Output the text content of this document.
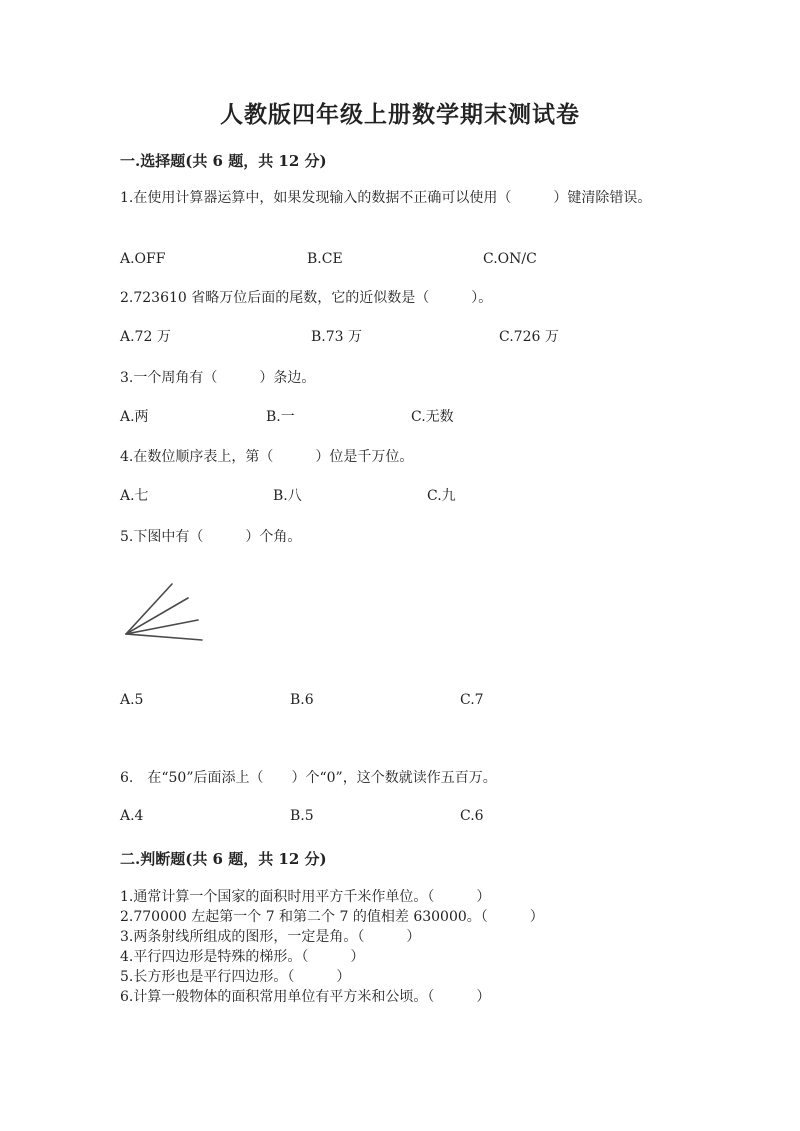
人教版四年级上册数学期末测试卷
一.选择题(共 6 题，共 12 分)
1.在使用计算器运算中，如果发现输入的数据不正确可以使用（　　　）键清除错误。
A.OFF	B.CE	C.ON/C
2.723610 省略万位后面的尾数，它的近似数是（　　　）。
A.72 万	B.73 万	C.726 万
3.一个周角有（　　　）条边。
A.两	B.一	C.无数
4.在数位顺序表上，第（　　　）位是千万位。
A.七	B.八	C.九
5.下图中有（　　　）个角。
A.5	B.6	C.7
6.　在“50”后面添上（　　）个“0”，这个数就读作五百万。
A.4	B.5	C.6
二.判断题(共 6 题，共 12 分)
1.通常计算一个国家的面积时用平方千米作单位。（　　　）
2.770000 左起第一个 7 和第二个 7 的值相差 630000。（　　　）
3.两条射线所组成的图形，一定是角。（　　　）
4.平行四边形是特殊的梯形。（　　　）
5.长方形也是平行四边形。（　　　）
6.计算一般物体的面积常用单位有平方米和公顷。（　　　）
